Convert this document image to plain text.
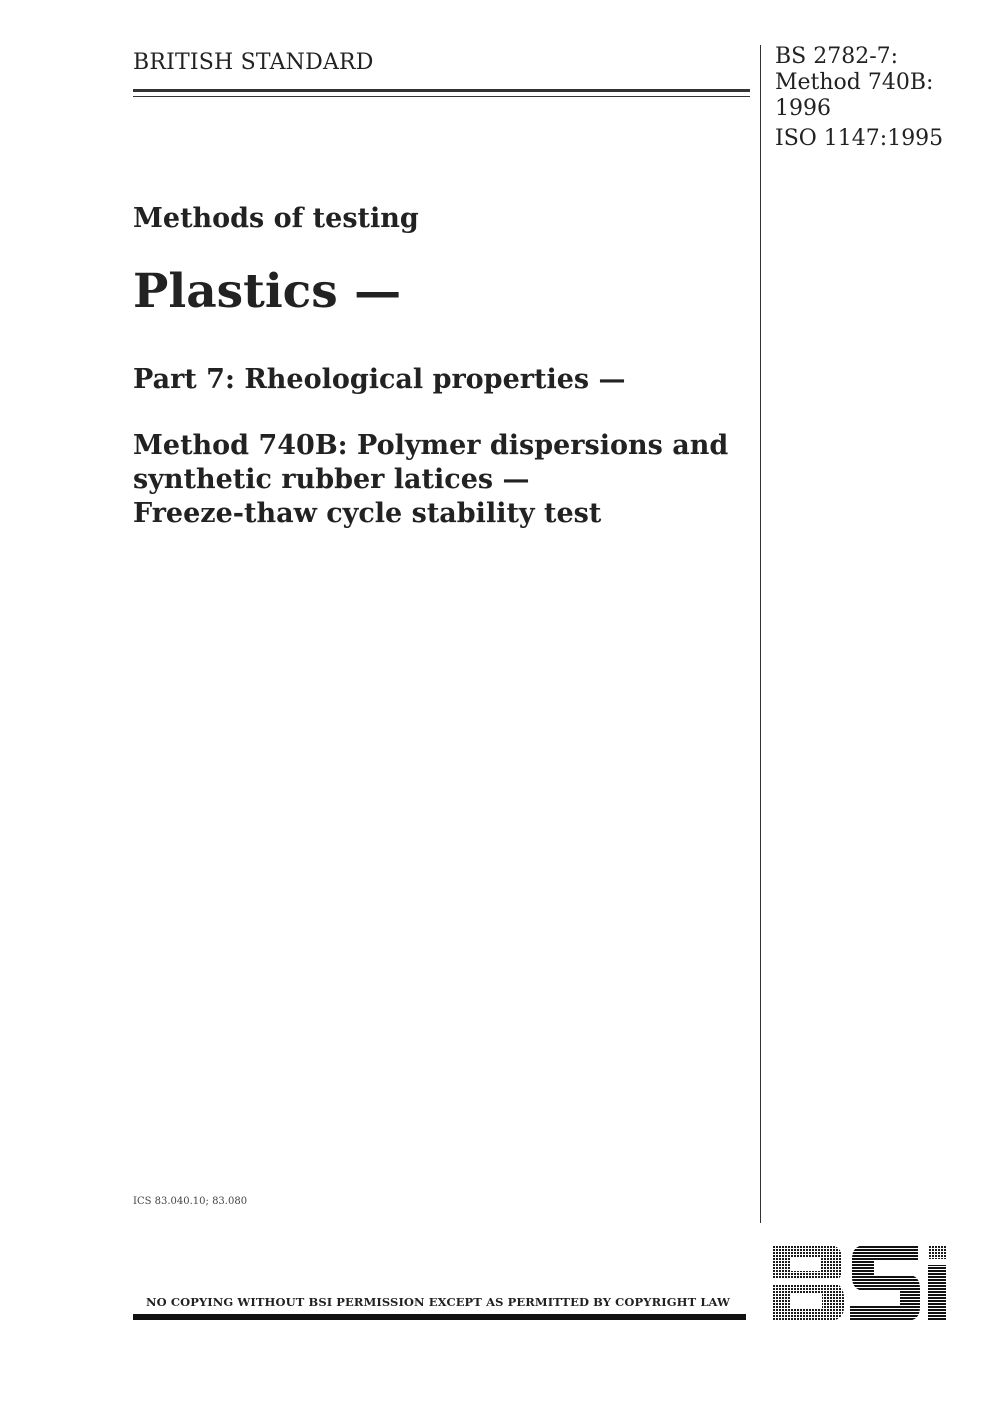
BRITISH STANDARD	BS 2782-7:
Method 740B:
1996
ISO 1147:1995
Methods of testing
Plastics —
Part 7: Rheological properties —
Method 740B: Polymer dispersions and
synthetic rubber latices —
Freeze-thaw cycle stability test
ICS 83.040.10; 83.080
NO COPYING WITHOUT BSI PERMISSION EXCEPT AS PERMITTED BY COPYRIGHT LAW
